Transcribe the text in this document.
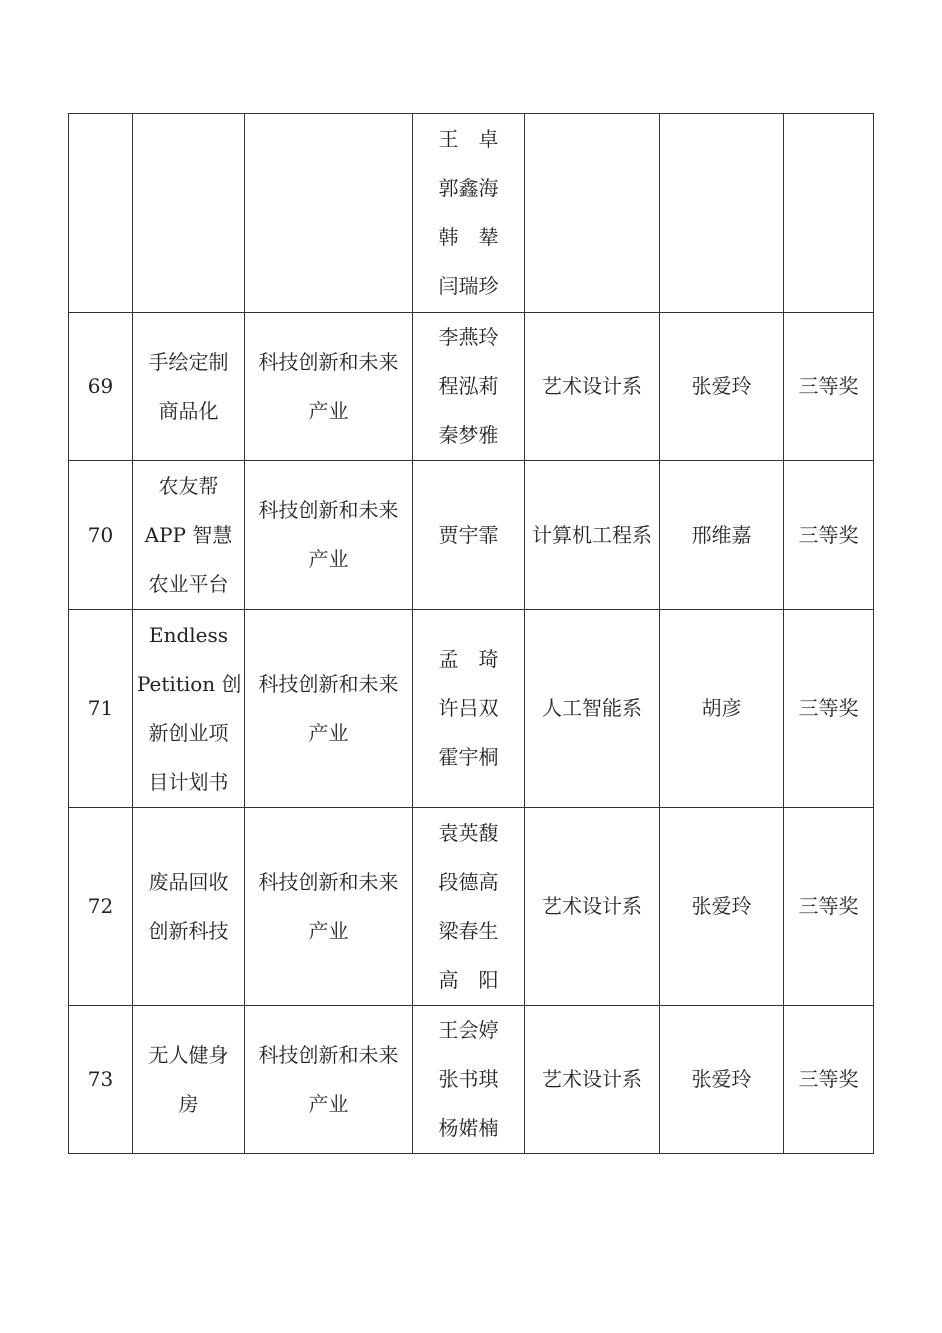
			王　卓
郭鑫海
韩　辇
闫瑞珍			

69	手绘定制
商品化	科技创新和未来产业	李燕玲
程泓莉
秦梦雅	艺术设计系	张爱玲	三等奖

70	农友帮
APP 智慧
农业平台	科技创新和未来产业	贾宇霏	计算机工程系	邢维嘉	三等奖

71	Endless
Petition 创
新创业项
目计划书	科技创新和未来产业	孟　琦
许吕双
霍宇桐	人工智能系	胡彦	三等奖

72	废品回收
创新科技	科技创新和未来产业	袁英馥
段德高
梁春生
高　阳	艺术设计系	张爱玲	三等奖

73	无人健身
房	科技创新和未来产业	王会婷
张书琪
杨婼楠	艺术设计系	张爱玲	三等奖
